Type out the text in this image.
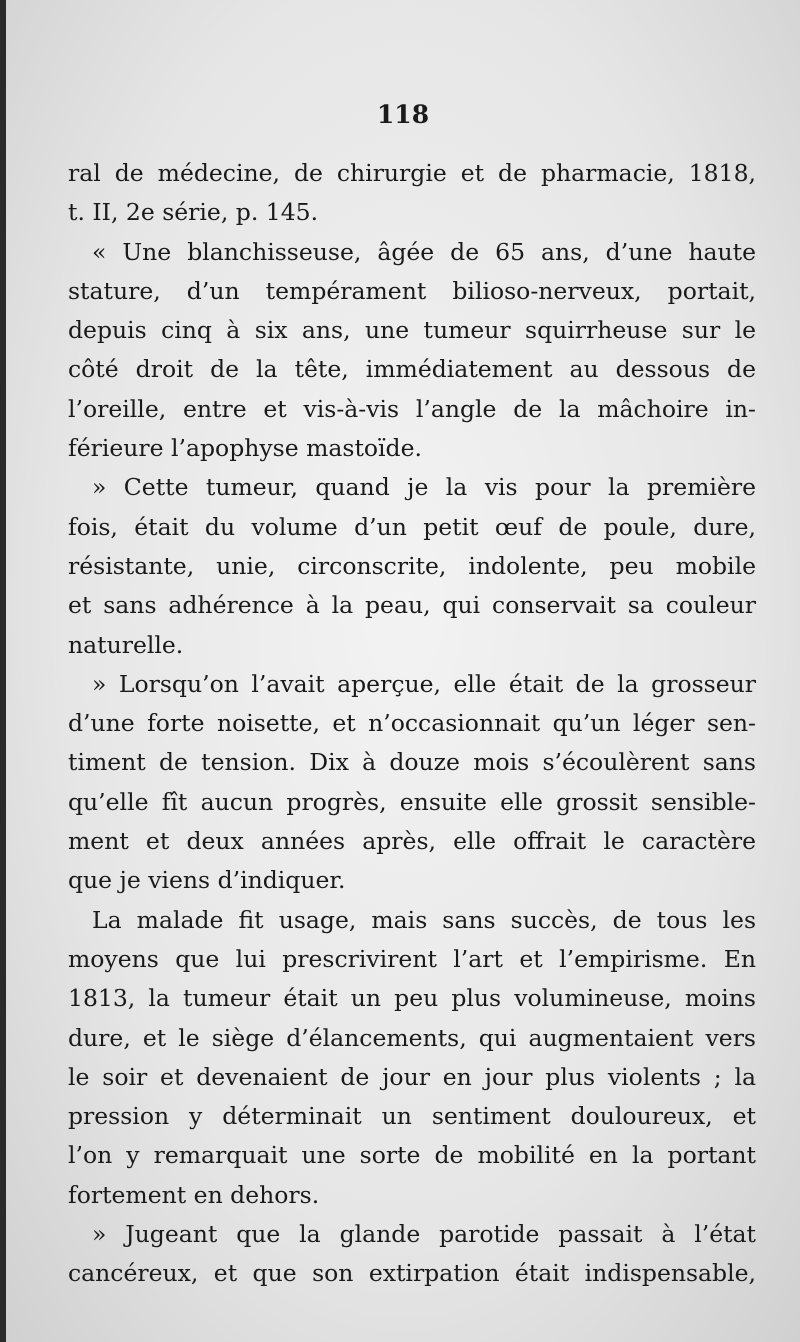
118
ral de médecine, de chirurgie et de pharmacie, 1818,
t. II, 2e série, p. 145.
« Une blanchisseuse, âgée de 65 ans, d’une haute
stature, d’un tempérament bilioso-nerveux, portait,
depuis cinq à six ans, une tumeur squirrheuse sur le
côté droit de la tête, immédiatement au dessous de
l’oreille, entre et vis-à-vis l’angle de la mâchoire in-
férieure l’apophyse mastoïde.
» Cette tumeur, quand je la vis pour la première
fois, était du volume d’un petit œuf de poule, dure,
résistante, unie, circonscrite, indolente, peu mobile
et sans adhérence à la peau, qui conservait sa couleur
naturelle.
» Lorsqu’on l’avait aperçue, elle était de la grosseur
d’une forte noisette, et n’occasionnait qu’un léger sen-
timent de tension. Dix à douze mois s’écoulèrent sans
qu’elle fît aucun progrès, ensuite elle grossit sensible-
ment et deux années après, elle offrait le caractère
que je viens d’indiquer.
La malade fit usage, mais sans succès, de tous les
moyens que lui prescrivirent l’art et l’empirisme. En
1813, la tumeur était un peu plus volumineuse, moins
dure, et le siège d’élancements, qui augmentaient vers
le soir et devenaient de jour en jour plus violents ; la
pression y déterminait un sentiment douloureux, et
l’on y remarquait une sorte de mobilité en la portant
fortement en dehors.
» Jugeant que la glande parotide passait à l’état
cancéreux, et que son extirpation était indispensable,
